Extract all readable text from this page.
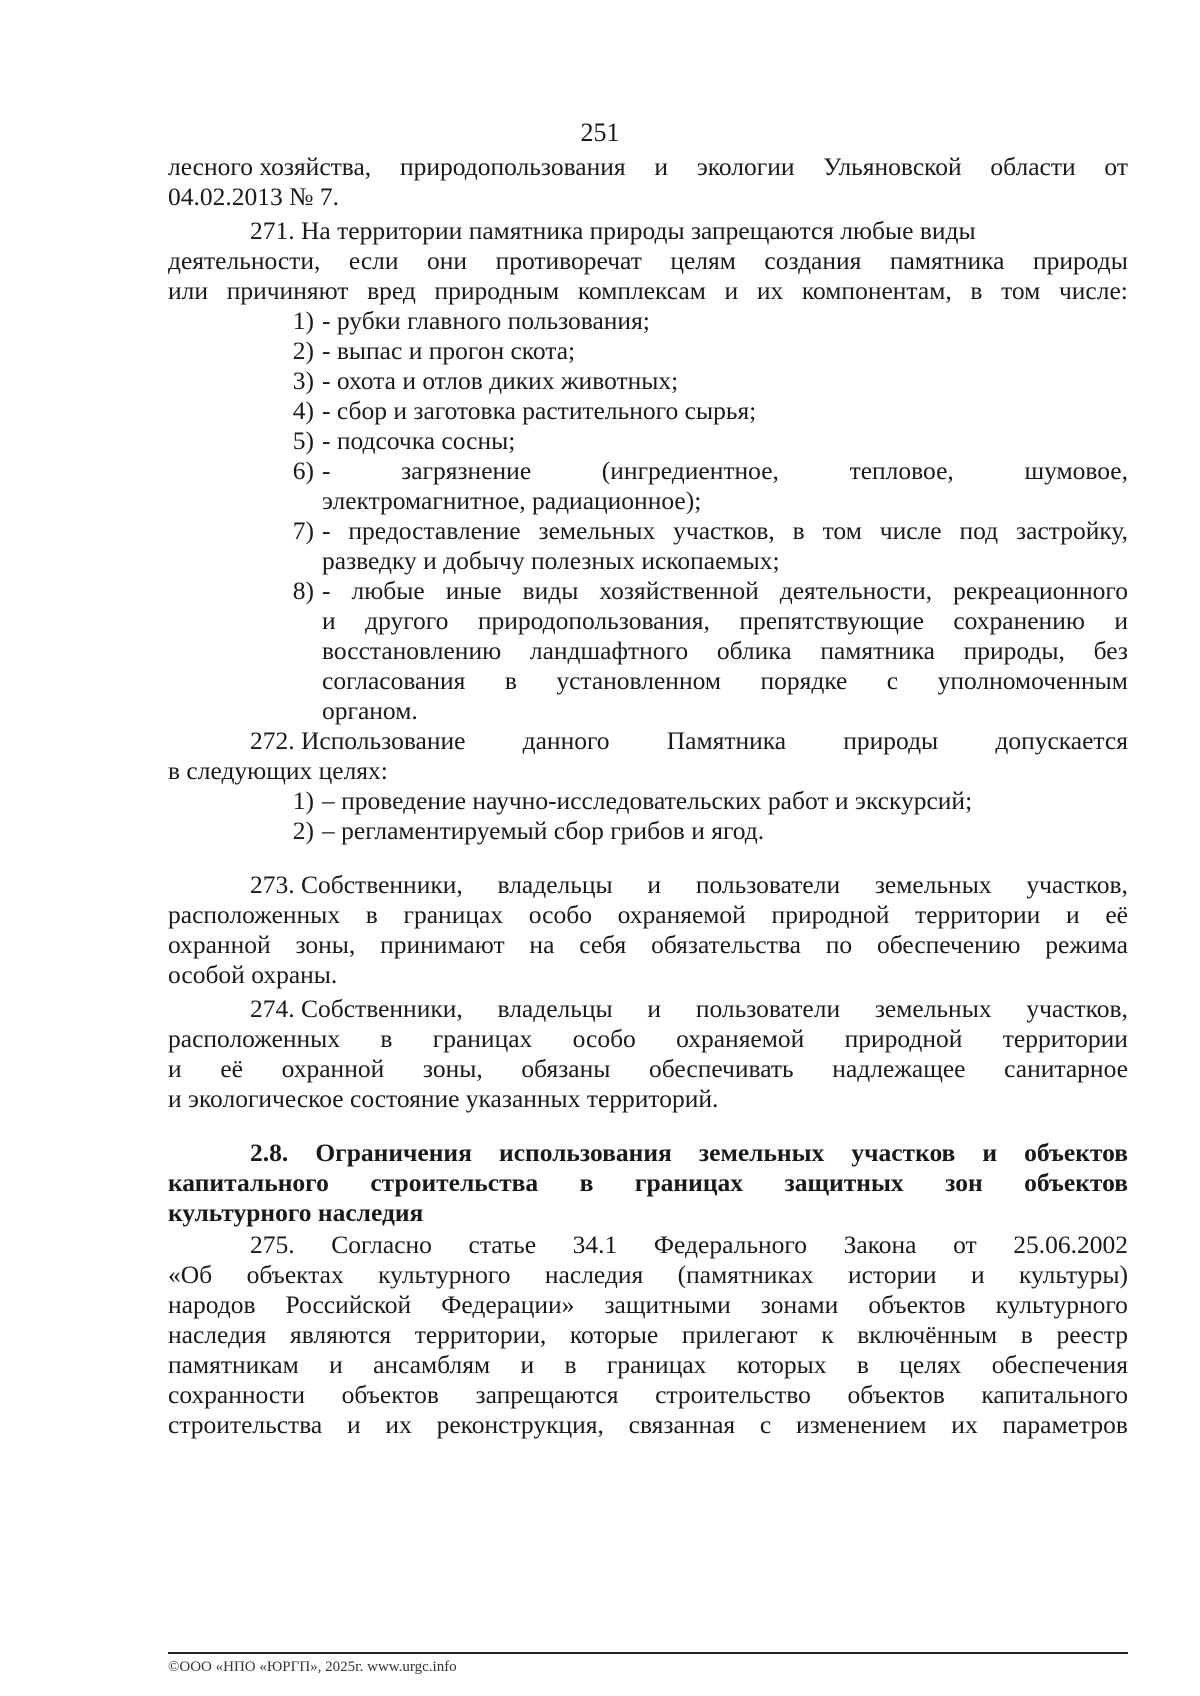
251
лесного хозяйства, природопользования и экологии Ульяновской области от
04.02.2013 № 7.
271. На территории памятника природы запрещаются любые виды
деятельности, если они противоречат целям создания памятника природы
или причиняют вред природным комплексам и их компонентам, в том числе:
1) - рубки главного пользования;
2) - выпас и прогон скота;
3) - охота и отлов диких животных;
4) - сбор и заготовка растительного сырья;
5) - подсочка сосны;
6) -	загрязнение	(ингредиентное,	тепловое,	шумовое,
электромагнитное, радиационное);
7) - предоставление земельных участков, в том числе под застройку,
разведку и добычу полезных ископаемых;
8) - любые иные виды хозяйственной деятельности, рекреационного
и другого природопользования, препятствующие сохранению и
восстановлению ландшафтного облика памятника природы, без
согласования в установленном порядке с уполномоченным
органом.
272. Использование данного Памятника природы допускается
в следующих целях:
1) – проведение научно-исследовательских работ и экскурсий;
2) – регламентируемый сбор грибов и ягод.
273. Собственники, владельцы и пользователи земельных участков,
расположенных в границах особо охраняемой природной территории и её
охранной зоны, принимают на себя обязательства по обеспечению режима
особой охраны.
274. Собственники, владельцы и пользователи земельных участков,
расположенных в границах особо охраняемой природной территории
и её охранной зоны, обязаны обеспечивать надлежащее санитарное
и экологическое состояние указанных территорий.
2.8. Ограничения использования земельных участков и объектов
капитального строительства в границах защитных зон объектов
культурного наследия
275. Согласно статье 34.1 Федерального Закона от 25.06.2002
«Об объектах культурного наследия (памятниках истории и культуры)
народов Российской Федерации» защитными зонами объектов культурного
наследия являются территории, которые прилегают к включённым в реестр
памятникам и ансамблям и в границах которых в целях обеспечения
сохранности объектов запрещаются строительство объектов капитального
строительства и их реконструкция, связанная с изменением их параметров
©ООО «НПО «ЮРГП», 2025г. www.urgc.info
